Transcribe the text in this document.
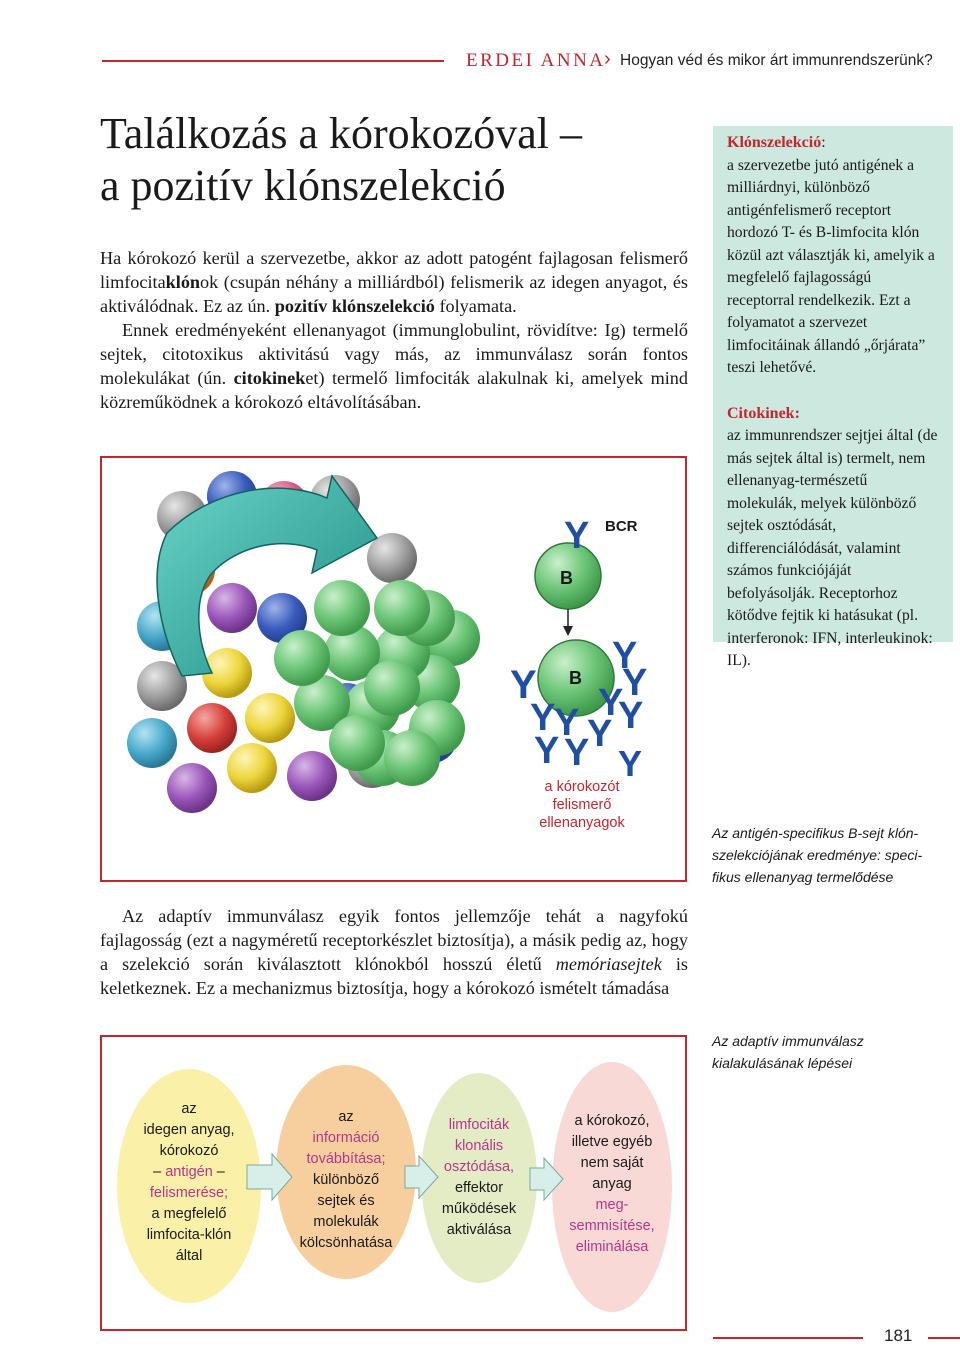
ERDEI ANNA
› Hogyan véd és mikor árt immunrendszerünk?
Találkozás a kórokozóval –
a pozitív klónszelekció

Ha kórokozó kerül a szervezetbe, akkor az adott patogént fajlagosan felismerő limfocitaklónok (csupán néhány a milliárdból) felismerik az idegen anyagot, és aktiválódnak. Ez az ún. pozitív klónszelekció folyamata.

Ennek eredményeként ellenanyagot (immunglobulint, rövidítve: Ig) termelő sejtek, citotoxikus aktivitású vagy más, az immunválasz során fontos molekulákat (ún. citokineket) termelő limfociták alakulnak ki, amelyek mind közreműködnek a kórokozó eltávolításában.

Klónszelekció:

a szervezetbe jutó antigének a milliárdnyi, különböző antigénfelismerő receptort hordozó T- és B-limfocita klón közül azt választják ki, amelyik a megfelelő fajlagosságú receptorral rendelkezik. Ezt a folyamatot a szervezet limfocitáinak állandó „őrjárata” teszi lehetővé.

Citokinek:

az immunrendszer sejtjei által (de más sejtek által is) termelt, nem ellenanyag-természetű molekulák, melyek különböző sejtek osztódását, differenciálódását, valamint számos funkciójáját befolyásolják. Receptorhoz kötődve fejtik ki hatásukat (pl. interferonok: IFN, interleukinok: IL).

Y
Y
Y
Y
Y
Y Y
Y
Y
Y Y Y
BCR
B
B
a kórokozót
felismerő
ellenanyagok
Az antigén-specifikus B-sejt klón-
szelekciójának eredménye: speci-
fikus ellenanyag termelődése

Az adaptív immunválasz egyik fontos jellemzője tehát a nagyfokú fajlagosság (ezt a nagyméretű receptorkészlet biztosítja), a másik pedig az, hogy a szelekció során kiválasztott klónokból hosszú életű memóriasejtek is keletkeznek. Ez a mechanizmus biztosítja, hogy a kórokozó ismételt támadása

Az adaptív immunválasz
kialakulásának lépései
az
idegen anyag,
kórokozó
– antigén –
felismerése;
a megfelelő
limfocita-klón
által
az
információ
továbbítása;
különböző
sejtek és
molekulák
kölcsönhatása
limfociták
klonális
osztódása,
effektor
működések
aktiválása
a kórokozó,
illetve egyéb
nem saját
anyag
meg-
semmisítése,
eliminálása
181
